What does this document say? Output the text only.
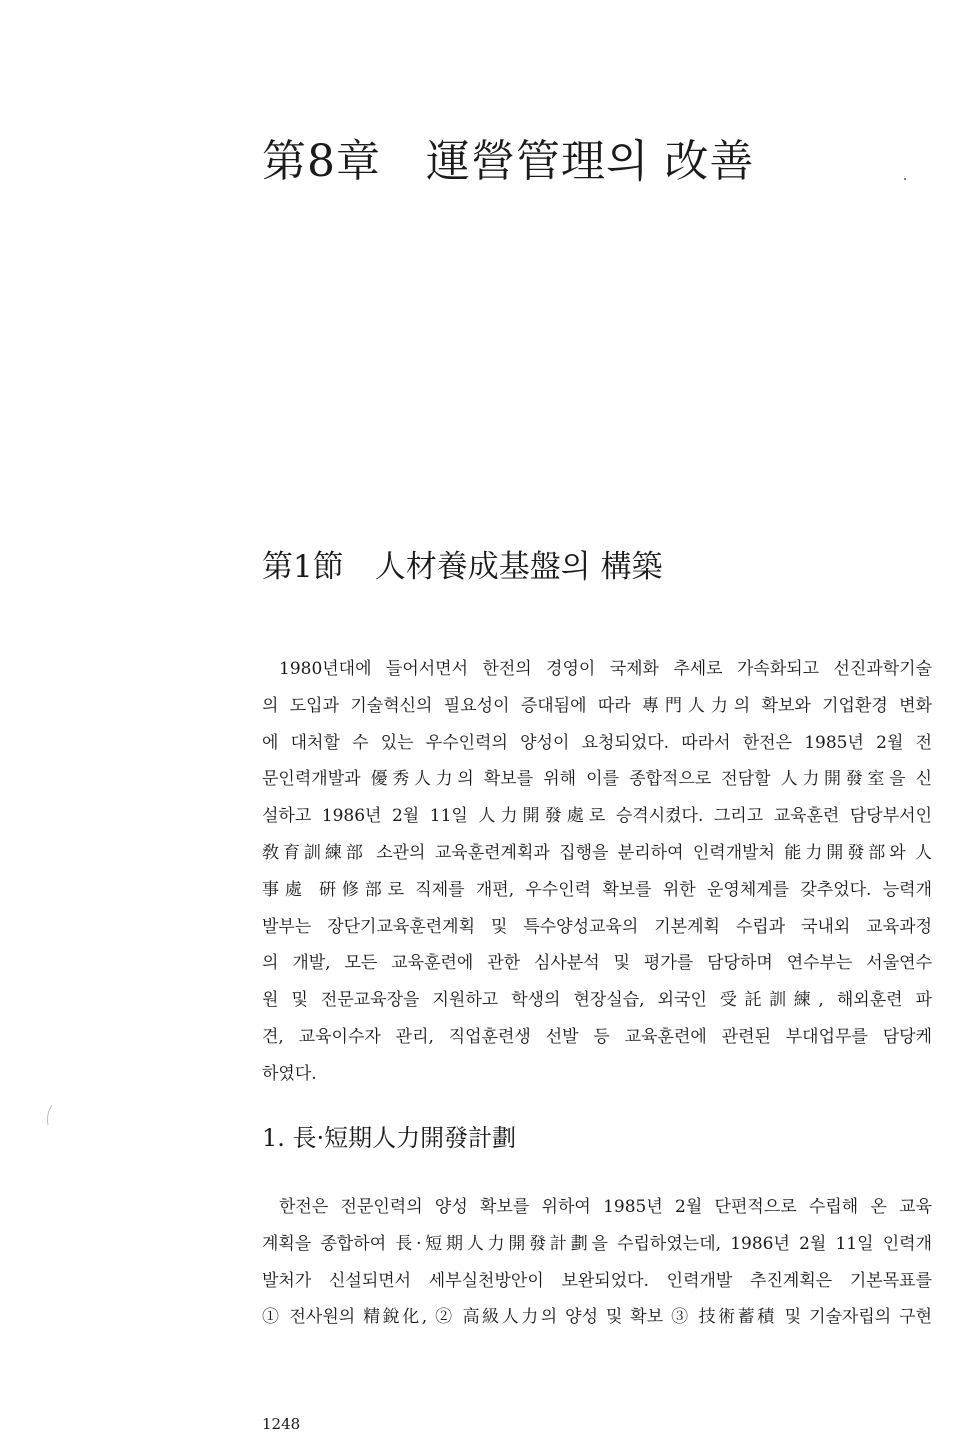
第8章　運營管理의 改善
第1節　人材養成基盤의 構築
1980년대에 들어서면서 한전의 경영이 국제화 추세로 가속화되고 선진과학기술
의 도입과 기술혁신의 필요성이 증대됨에 따라 專門人力의 확보와 기업환경 변화
에 대처할 수 있는 우수인력의 양성이 요청되었다. 따라서 한전은 1985년 2월 전
문인력개발과 優秀人力의 확보를 위해 이를 종합적으로 전담할 人力開發室을 신
설하고 1986년 2월 11일 人力開發處로 승격시켰다. 그리고 교육훈련 담당부서인
敎育訓練部 소관의 교육훈련계획과 집행을 분리하여 인력개발처 能力開發部와 人
事處 硏修部로 직제를 개편, 우수인력 확보를 위한 운영체계를 갖추었다. 능력개
발부는 장단기교육훈련계획 및 특수양성교육의 기본계획 수립과 국내외 교육과정
의 개발, 모든 교육훈련에 관한 심사분석 및 평가를 담당하며 연수부는 서울연수
원 및 전문교육장을 지원하고 학생의 현장실습, 외국인 受託訓練, 해외훈련 파
견, 교육이수자 관리, 직업훈련생 선발 등 교육훈련에 관련된 부대업무를 담당케
하였다.
1. 長·短期人力開發計劃
한전은 전문인력의 양성 확보를 위하여 1985년 2월 단편적으로 수립해 온 교육
계획을 종합하여 長·短期人力開發計劃을 수립하였는데, 1986년 2월 11일 인력개
발처가 신설되면서 세부실천방안이 보완되었다. 인력개발 추진계획은 기본목표를
① 전사원의 精銳化, ② 高級人力의 양성 및 확보 ③ 技術蓄積 및 기술자립의 구현

1248
